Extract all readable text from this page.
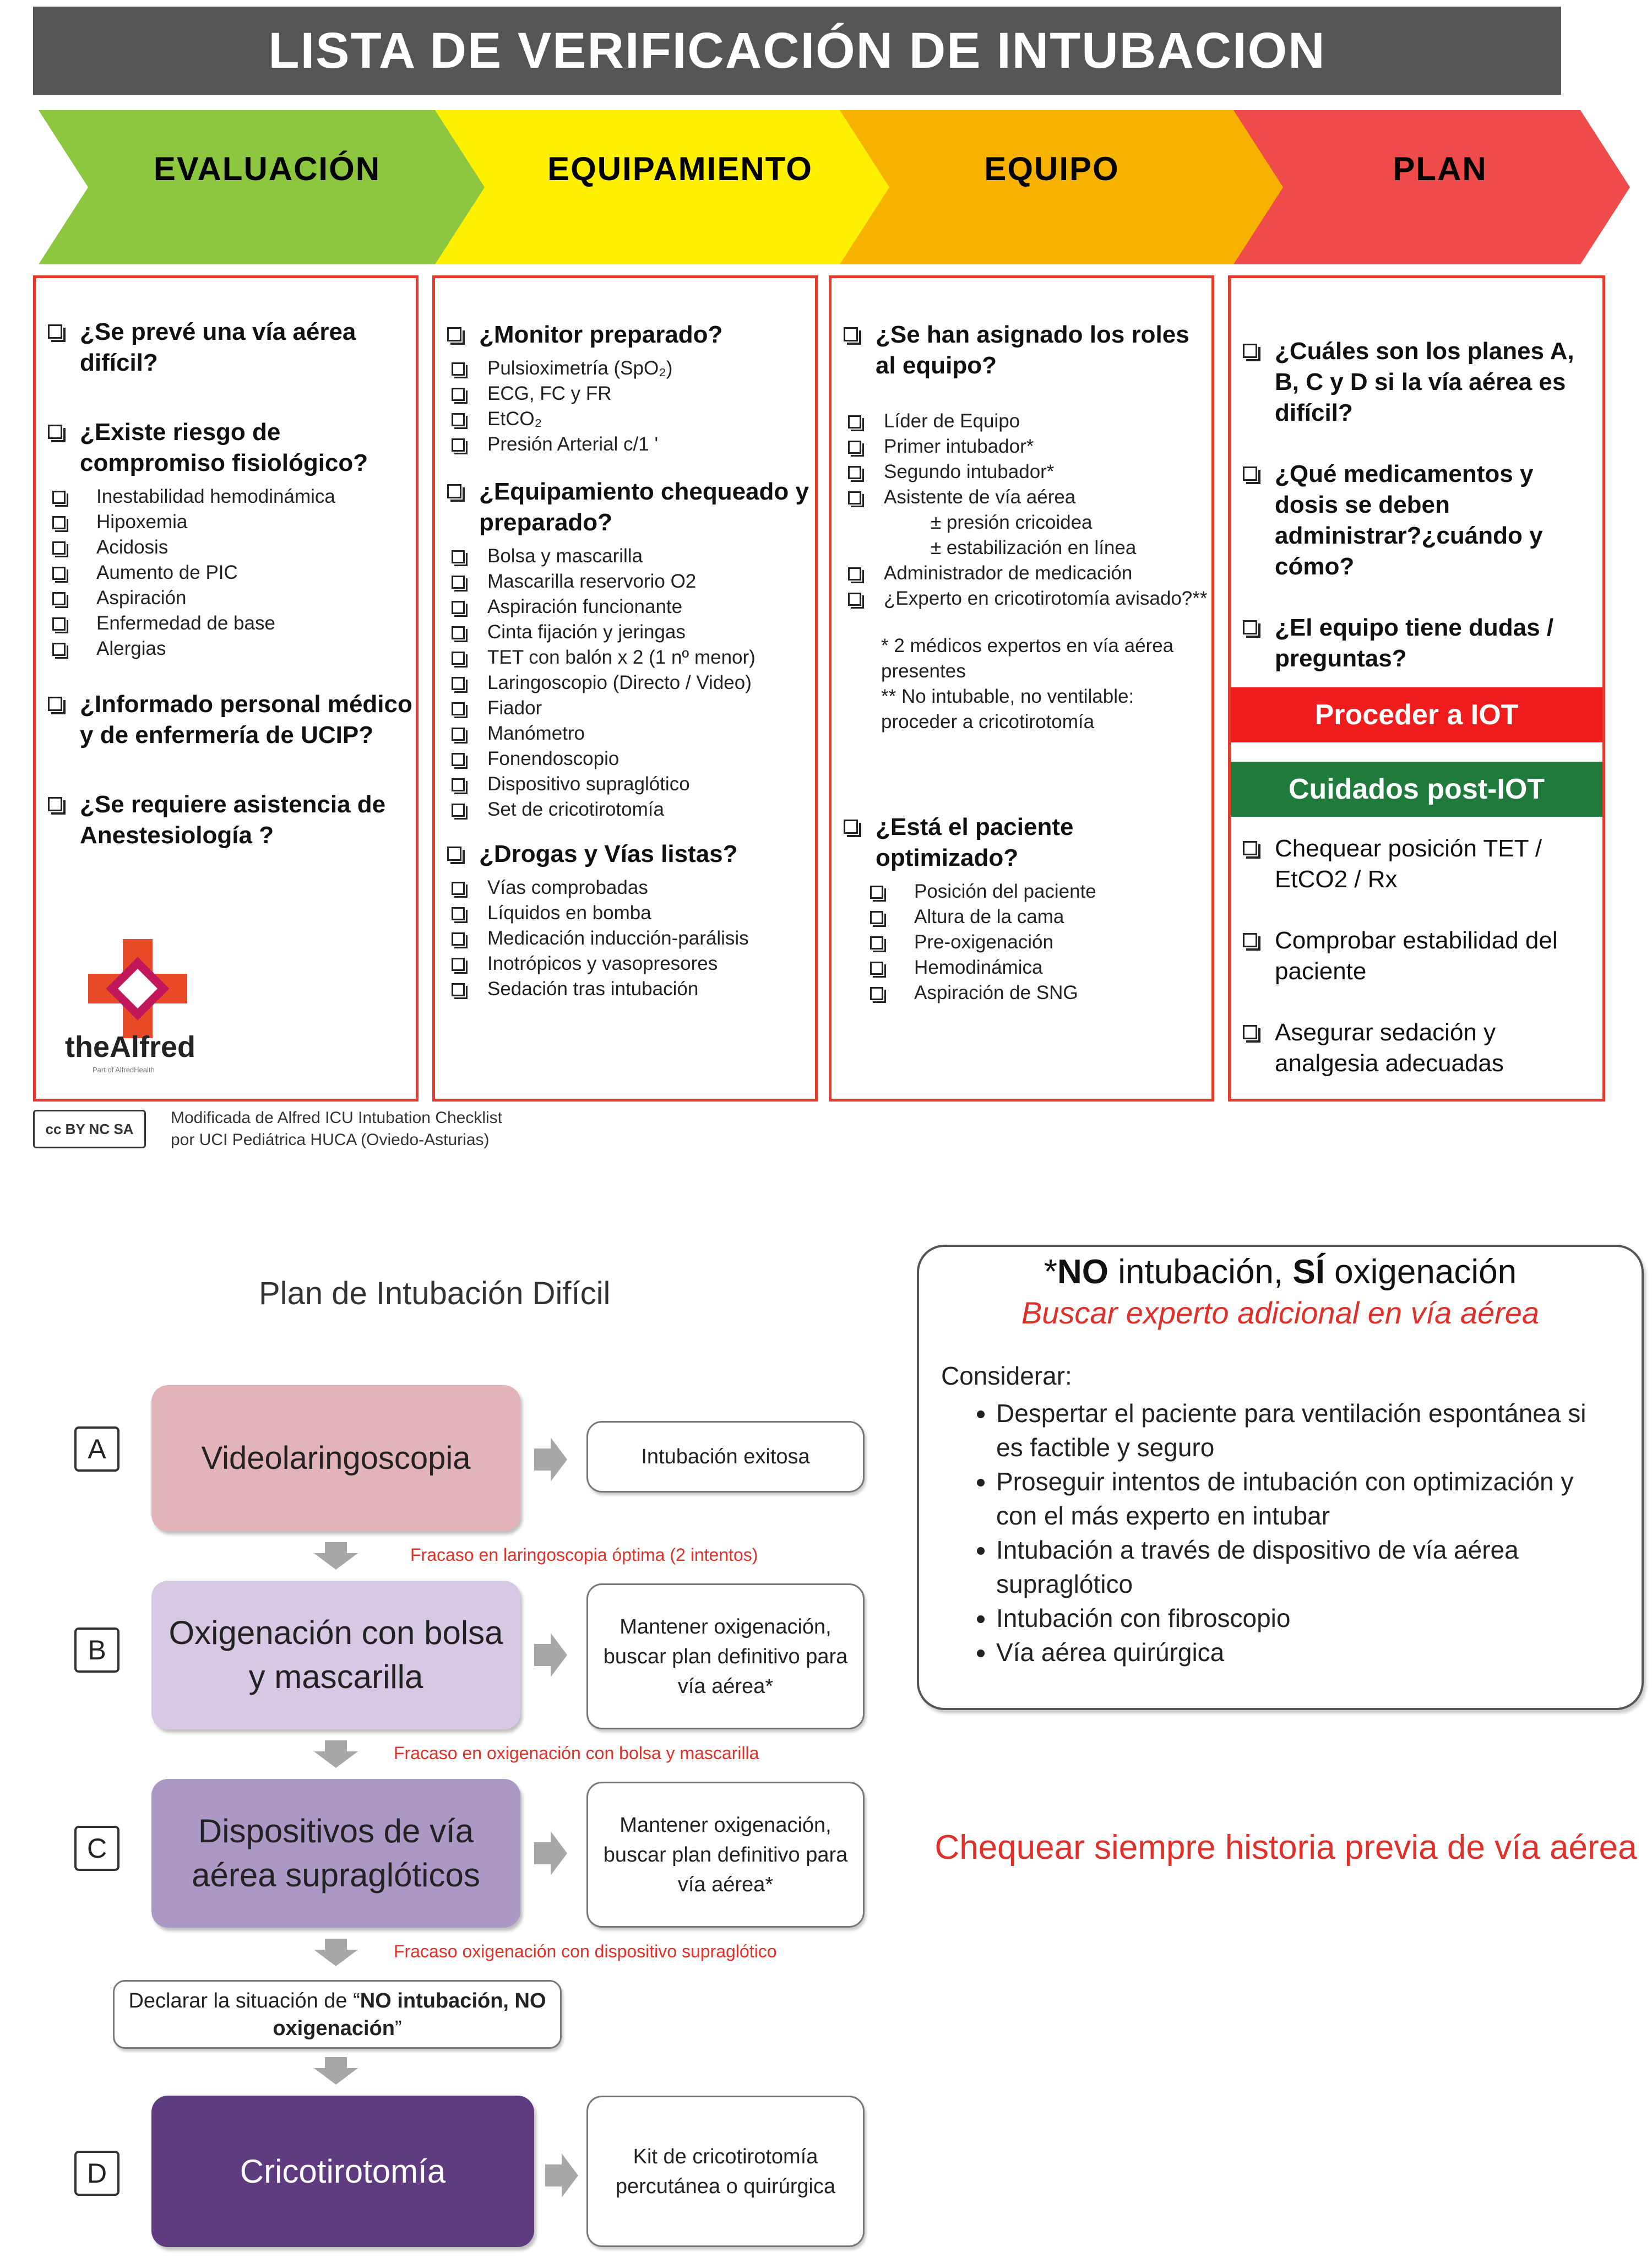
LISTA DE VERIFICACIÓN DE INTUBACION
EVALUACIÓN	EQUIPAMIENTO	EQUIPO	PLAN
¿Se prevé una vía aérea difícil?
¿Existe riesgo de compromiso fisiológico?
Inestabilidad hemodinámica
Hipoxemia
Acidosis
Aumento de PIC
Aspiración
Enfermedad de base
Alergias
¿Informado personal médico y de enfermería de UCIP?
¿Se requiere asistencia de Anestesiología ?
theAlfred
Part of AlfredHealth
¿Monitor preparado?
Pulsioximetría (SpO₂)
ECG, FC y FR
EtCO₂
Presión Arterial c/1 '
¿Equipamiento chequeado y preparado?
Bolsa y mascarilla
Mascarilla reservorio O2
Aspiración funcionante
Cinta fijación y jeringas
TET con balón x 2 (1 nº menor)
Laringoscopio (Directo / Video)
Fiador
Manómetro
Fonendoscopio
Dispositivo supraglótico
Set de cricotirotomía
¿Drogas y Vías listas?
Vías comprobadas
Líquidos en bomba
Medicación inducción-parálisis
Inotrópicos y vasopresores
Sedación tras intubación
¿Se han asignado los roles al equipo?
Líder de Equipo
Primer intubador*
Segundo intubador*
Asistente de vía aérea
± presión cricoidea
± estabilización en línea
Administrador de medicación
¿Experto en cricotirotomía avisado?**
* 2 médicos expertos en vía aérea presentes
** No intubable, no ventilable: proceder a cricotirotomía
¿Está el paciente optimizado?
Posición del paciente
Altura de la cama
Pre-oxigenación
Hemodinámica
Aspiración de SNG
¿Cuáles son los planes A, B, C y D si la vía aérea es difícil?
¿Qué medicamentos y dosis se deben administrar?¿cuándo y cómo?
¿El equipo tiene dudas / preguntas?
Proceder a IOT
Cuidados post-IOT
Chequear posición TET / EtCO2 / Rx
Comprobar estabilidad del paciente
Asegurar sedación y analgesia adecuadas
cc BY NC SA
Modificada de Alfred ICU Intubation Checklist
por UCI Pediátrica HUCA (Oviedo-Asturias)
Plan de Intubación Difícil
A	Videolaringoscopia	Intubación exitosa
Fracaso en laringoscopia óptima (2 intentos)
B	Oxigenación con bolsa y mascarilla
Mantener oxigenación, buscar plan definitivo para vía aérea*
Fracaso en oxigenación con bolsa y mascarilla
C	Dispositivos de vía aérea supraglóticos
Mantener oxigenación, buscar plan definitivo para vía aérea*
Fracaso oxigenación con dispositivo supraglótico
Declarar la situación de “NO intubación, NO oxigenación”
D	Cricotirotomía	Kit de cricotirotomía percutánea o quirúrgica
*NO intubación, SÍ oxigenación
Buscar experto adicional en vía aérea
Considerar:
• Despertar el paciente para ventilación espontánea si es factible y seguro
• Proseguir intentos de intubación con optimización y con el más experto en intubar
• Intubación a través de dispositivo de vía aérea supraglótico
• Intubación con fibroscopio
• Vía aérea quirúrgica
Chequear siempre historia previa de vía aérea
